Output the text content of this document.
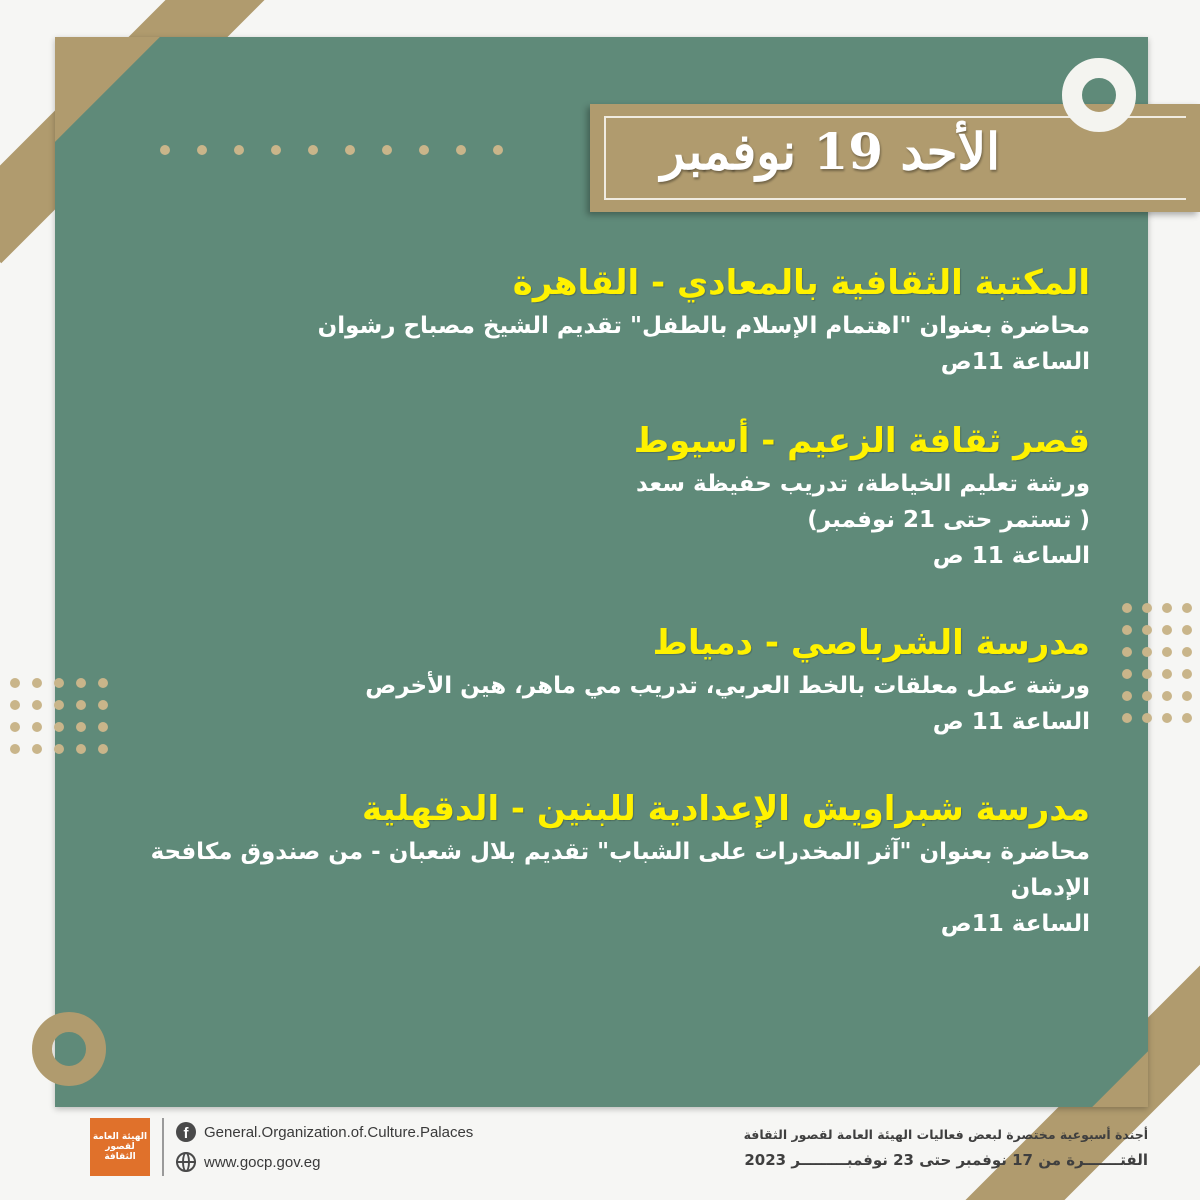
الأحد 19 نوفمبر
المكتبة الثقافية بالمعادي - القاهرة
محاضرة بعنوان "اهتمام الإسلام بالطفل" تقديم الشيخ مصباح رشوان
الساعة 11ص
قصر ثقافة الزعيم - أسيوط
ورشة تعليم الخياطة، تدريب حفيظة سعد
( تستمر حتى 21 نوفمبر)
الساعة 11 ص
مدرسة الشرباصي - دمياط
ورشة عمل معلقات بالخط العربي، تدريب مي ماهر، هين الأخرص
الساعة 11 ص
مدرسة شبراويش الإعدادية للبنين - الدقهلية
محاضرة بعنوان "آثر المخدرات على الشباب" تقديم بلال شعبان - من صندوق مكافحة الإدمان
الساعة 11ص
الهيئة العامة لقصور الثقافة
f	General.Organization.of.Culture.Palaces
www.gocp.gov.eg
أجندة أسبوعية مختصرة لبعض فعاليات الهيئة العامة لقصور الثقافة
الفتـــــــرة من 17 نوفمبر حتى 23 نوفمبـــــــــر 2023
